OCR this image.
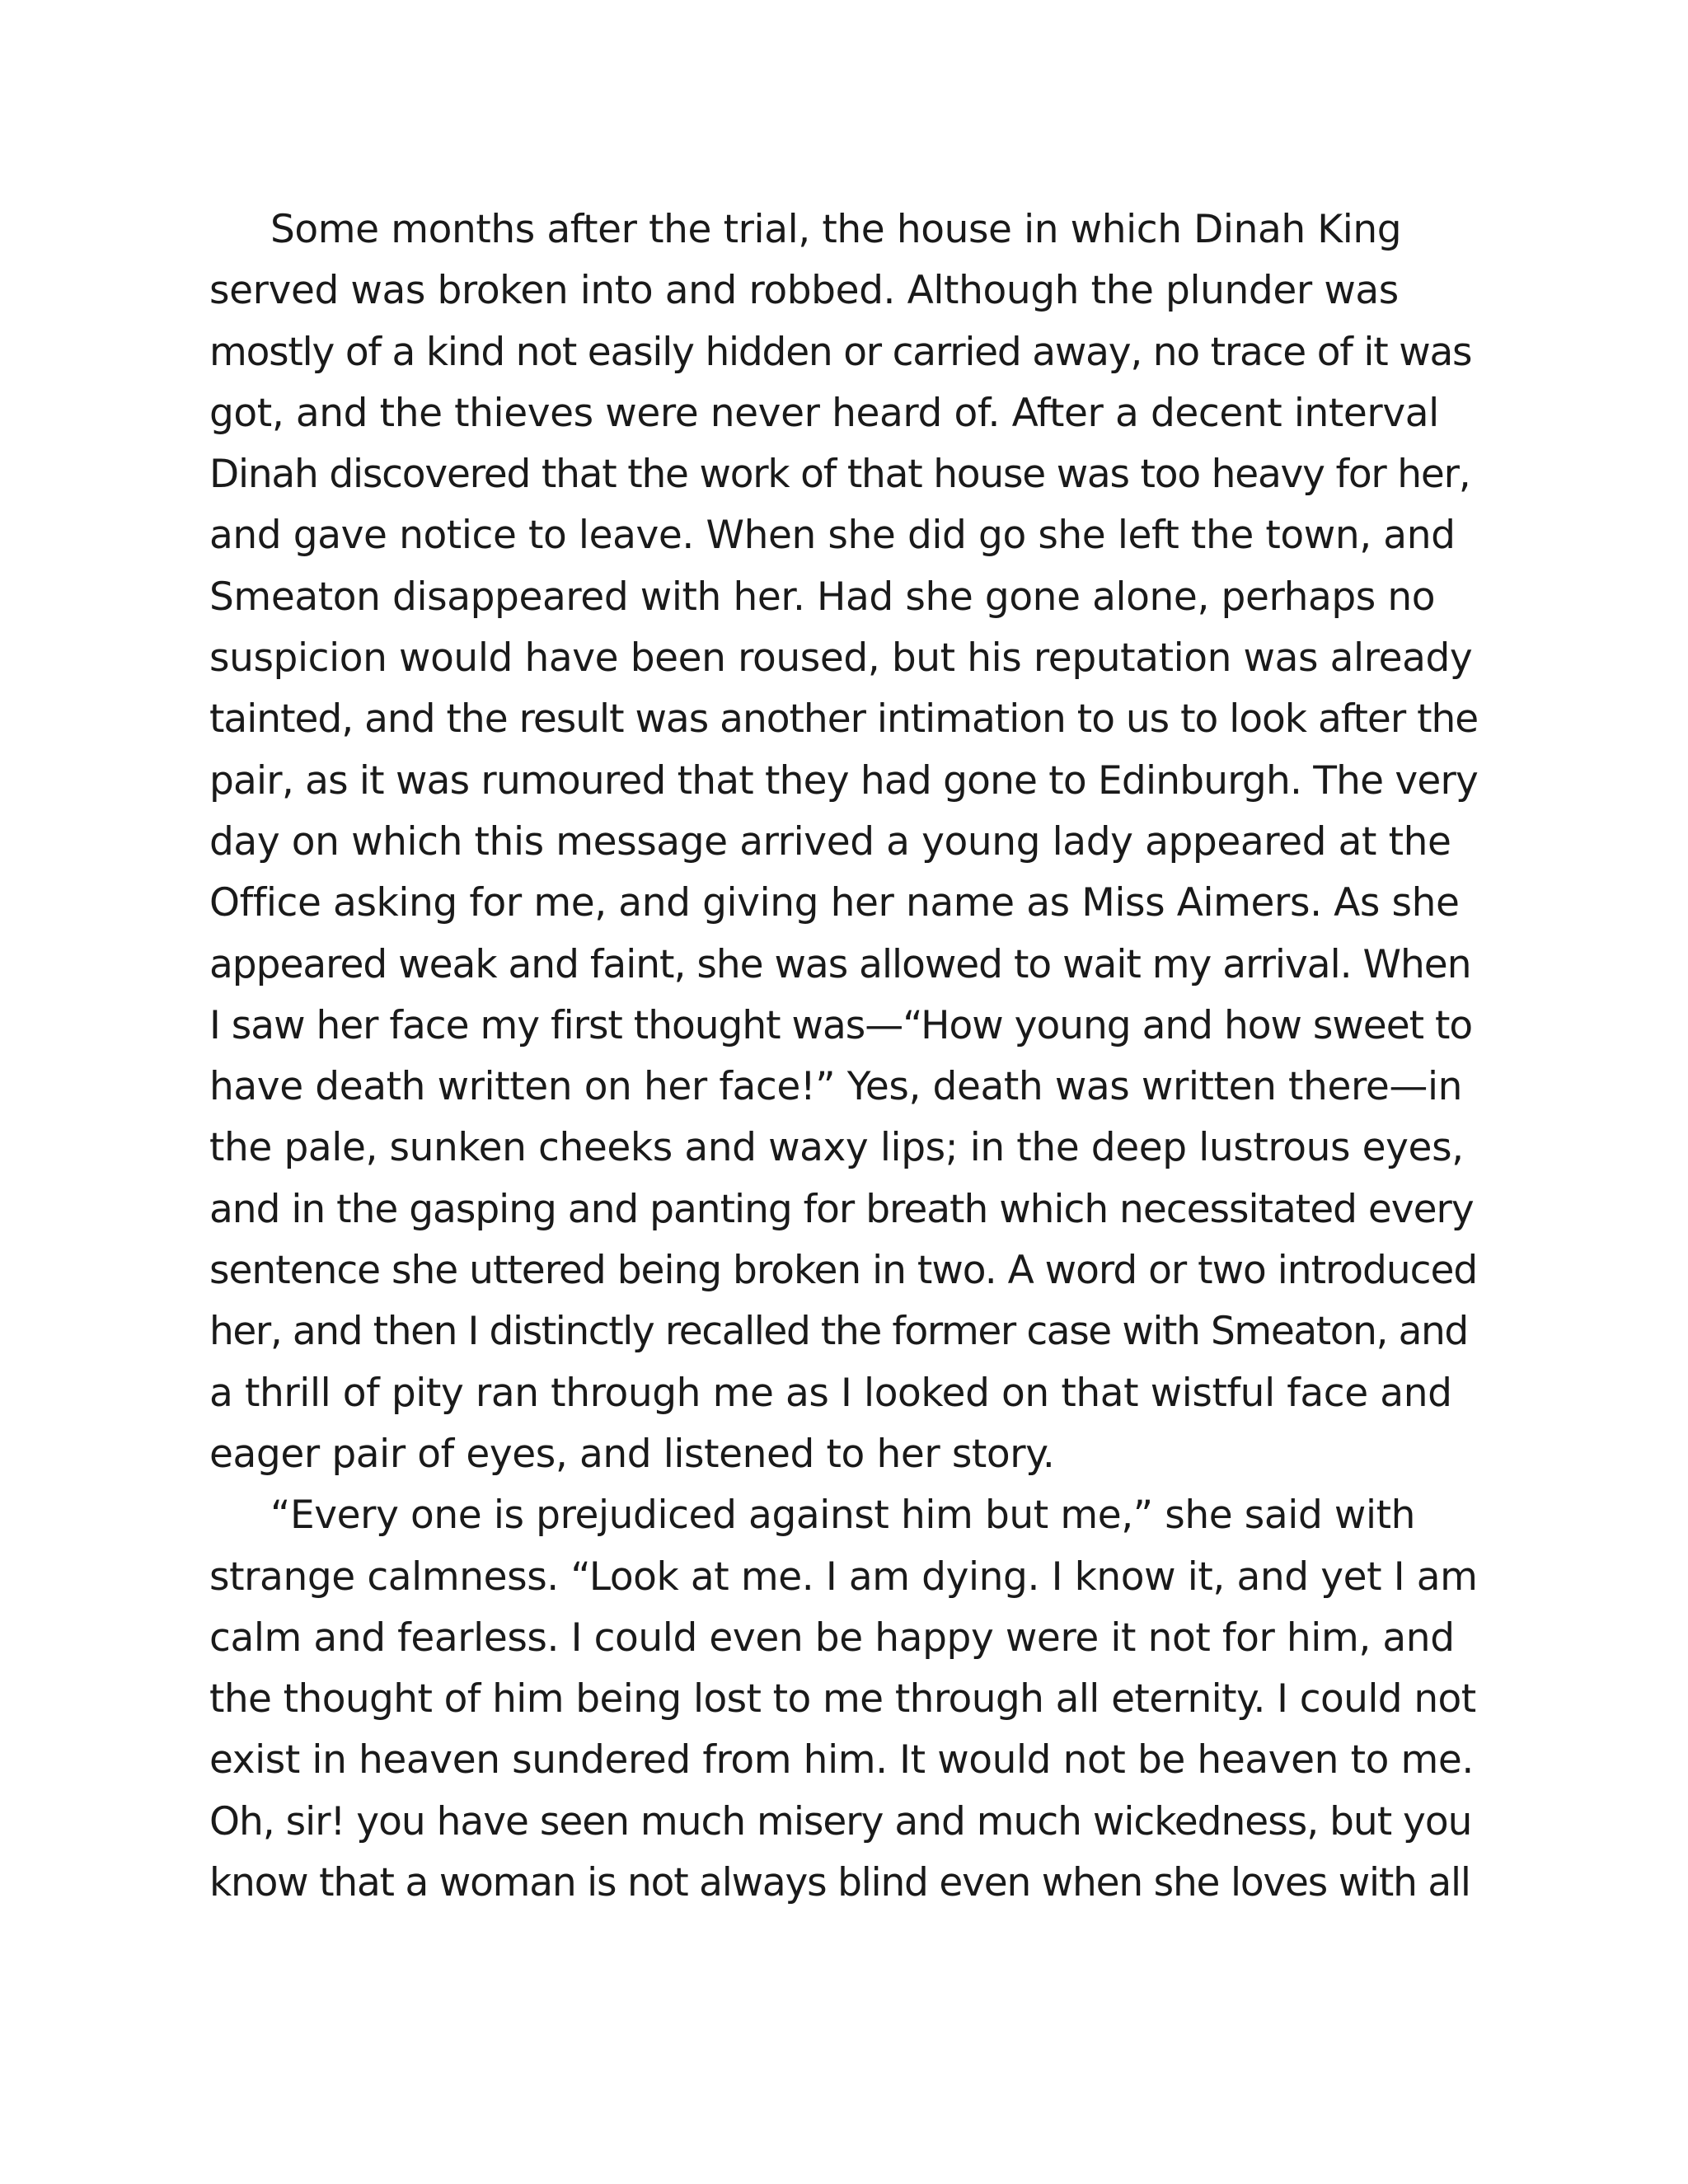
Some months after the trial, the house in which Dinah King
served was broken into and robbed. Although the plunder was
mostly of a kind not easily hidden or carried away, no trace of it was
got, and the thieves were never heard of. After a decent interval
Dinah discovered that the work of that house was too heavy for her,
and gave notice to leave. When she did go she left the town, and
Smeaton disappeared with her. Had she gone alone, perhaps no
suspicion would have been roused, but his reputation was already
tainted, and the result was another intimation to us to look after the
pair, as it was rumoured that they had gone to Edinburgh. The very
day on which this message arrived a young lady appeared at the
Office asking for me, and giving her name as Miss Aimers. As she
appeared weak and faint, she was allowed to wait my arrival. When
I saw her face my first thought was—“How young and how sweet to
have death written on her face!” Yes, death was written there—in
the pale, sunken cheeks and waxy lips; in the deep lustrous eyes,
and in the gasping and panting for breath which necessitated every
sentence she uttered being broken in two. A word or two introduced
her, and then I distinctly recalled the former case with Smeaton, and
a thrill of pity ran through me as I looked on that wistful face and
eager pair of eyes, and listened to her story.
“Every one is prejudiced against him but me,” she said with
strange calmness. “Look at me. I am dying. I know it, and yet I am
calm and fearless. I could even be happy were it not for him, and
the thought of him being lost to me through all eternity. I could not
exist in heaven sundered from him. It would not be heaven to me.
Oh, sir! you have seen much misery and much wickedness, but you
know that a woman is not always blind even when she loves with all
